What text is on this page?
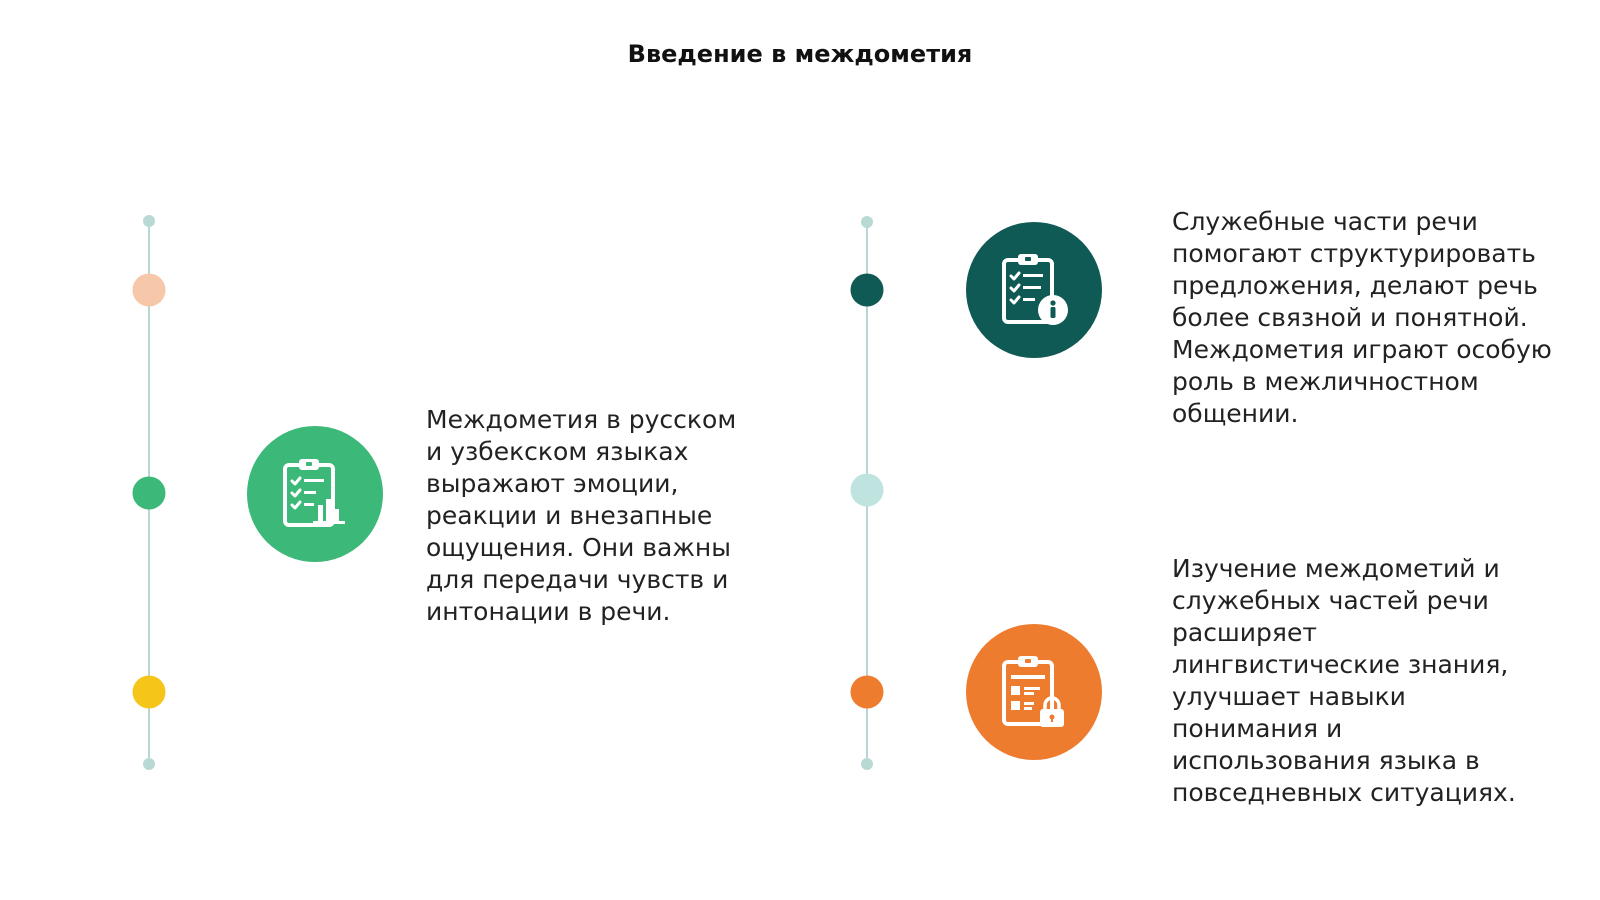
Введение в междометия
Междометия в русском и узбекском языках выражают эмоции, реакции и внезапные ощущения. Они важны для передачи чувств и интонации в речи.
Служебные части речи помогают структурировать предложения, делают речь более связной и понятной. Междометия играют особую роль в межличностном общении.
Изучение междометий и служебных частей речи расширяет лингвистические знания, улучшает навыки понимания и использования языка в повседневных ситуациях.
